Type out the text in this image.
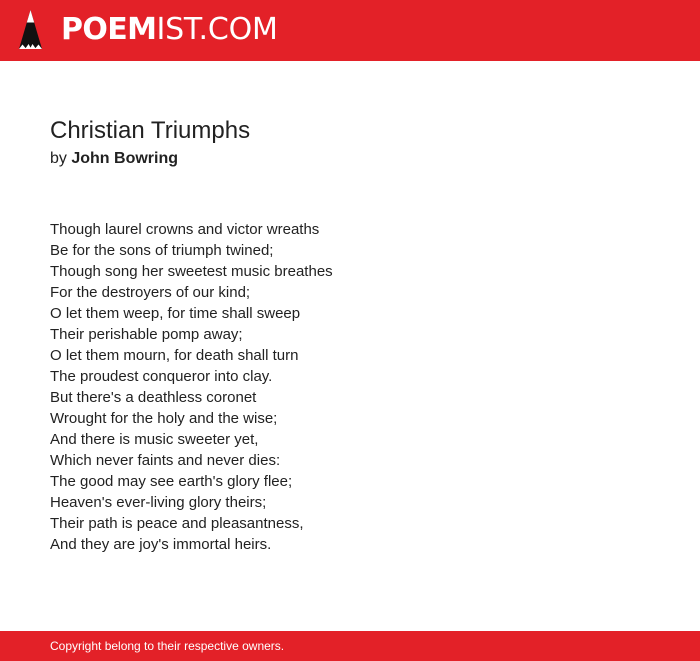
POEMIST.COM
Christian Triumphs
by John Bowring
Though laurel crowns and victor wreaths
Be for the sons of triumph twined;
Though song her sweetest music breathes
For the destroyers of our kind;
O let them weep, for time shall sweep
Their perishable pomp away;
O let them mourn, for death shall turn
The proudest conqueror into clay.
But there's a deathless coronet
Wrought for the holy and the wise;
And there is music sweeter yet,
Which never faints and never dies:
The good may see earth's glory flee;
Heaven's ever-living glory theirs;
Their path is peace and pleasantness,
And they are joy's immortal heirs.
Copyright belong to their respective owners.
